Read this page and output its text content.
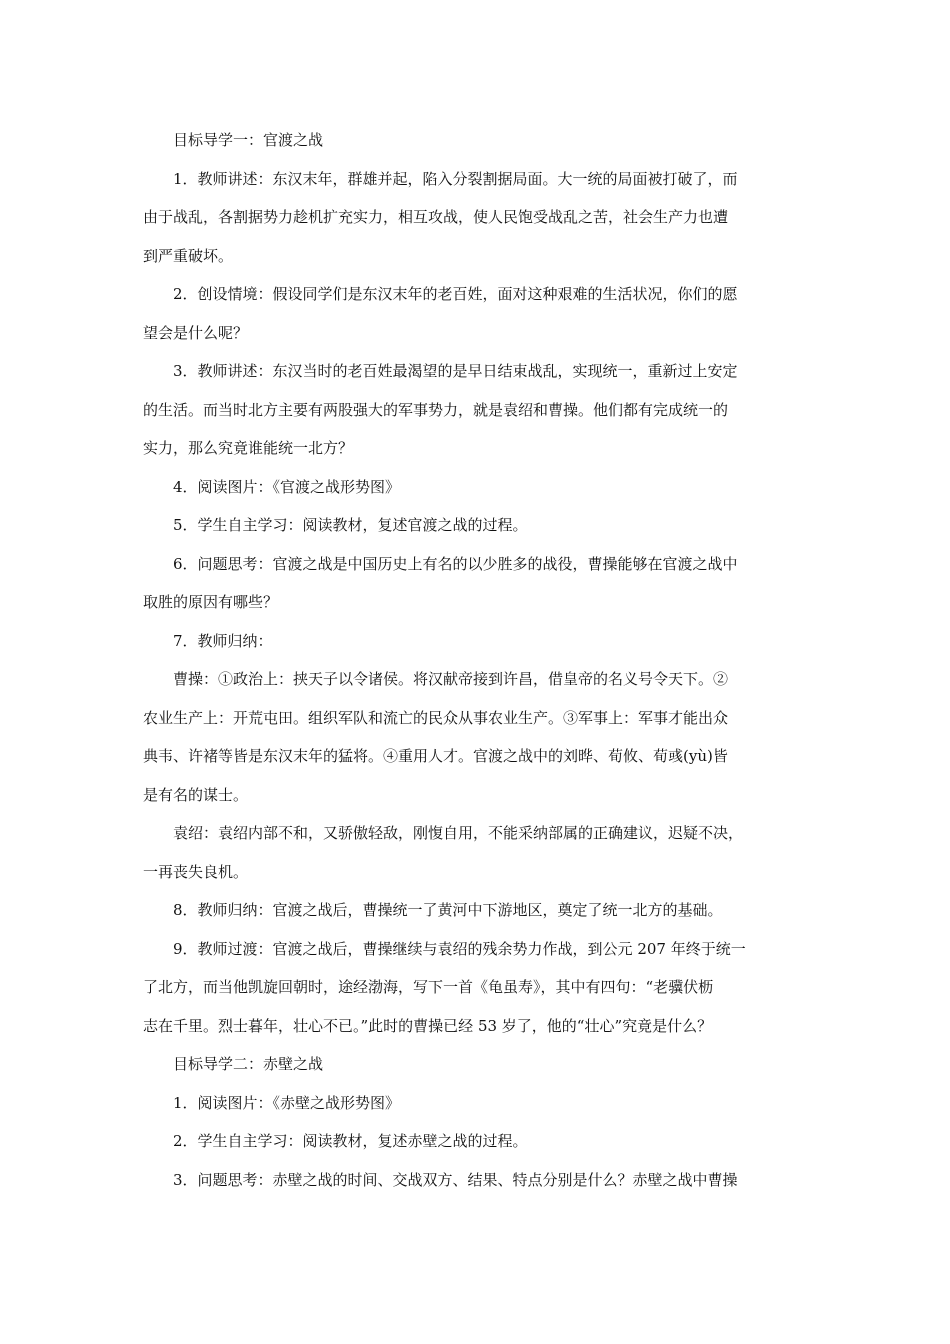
目标导学一：官渡之战
1．教师讲述：东汉末年，群雄并起，陷入分裂割据局面。大一统的局面被打破了，而
由于战乱，各割据势力趁机扩充实力，相互攻战，使人民饱受战乱之苦，社会生产力也遭
到严重破坏。
2．创设情境：假设同学们是东汉末年的老百姓，面对这种艰难的生活状况，你们的愿
望会是什么呢？
3．教师讲述：东汉当时的老百姓最渴望的是早日结束战乱，实现统一，重新过上安定
的生活。而当时北方主要有两股强大的军事势力，就是袁绍和曹操。他们都有完成统一的
实力，那么究竟谁能统一北方？
4．阅读图片：《官渡之战形势图》
5．学生自主学习：阅读教材，复述官渡之战的过程。
6．问题思考：官渡之战是中国历史上有名的以少胜多的战役，曹操能够在官渡之战中
取胜的原因有哪些？
7．教师归纳：
曹操：①政治上：挟天子以令诸侯。将汉献帝接到许昌，借皇帝的名义号令天下。②
农业生产上：开荒屯田。组织军队和流亡的民众从事农业生产。③军事上：军事才能出众
典韦、许褚等皆是东汉末年的猛将。④重用人才。官渡之战中的刘晔、荀攸、荀彧(yù)皆
是有名的谋士。
袁绍：袁绍内部不和，又骄傲轻敌，刚愎自用，不能采纳部属的正确建议，迟疑不决，
一再丧失良机。
8．教师归纳：官渡之战后，曹操统一了黄河中下游地区，奠定了统一北方的基础。
9．教师过渡：官渡之战后，曹操继续与袁绍的残余势力作战，到公元 207 年终于统一
了北方，而当他凯旋回朝时，途经渤海，写下一首《龟虽寿》，其中有四句：“老骥伏枥
志在千里。烈士暮年，壮心不已。”此时的曹操已经 53 岁了，他的“壮心”究竟是什么？
目标导学二：赤壁之战
1．阅读图片：《赤壁之战形势图》
2．学生自主学习：阅读教材，复述赤壁之战的过程。
3．问题思考：赤壁之战的时间、交战双方、结果、特点分别是什么？赤壁之战中曹操
